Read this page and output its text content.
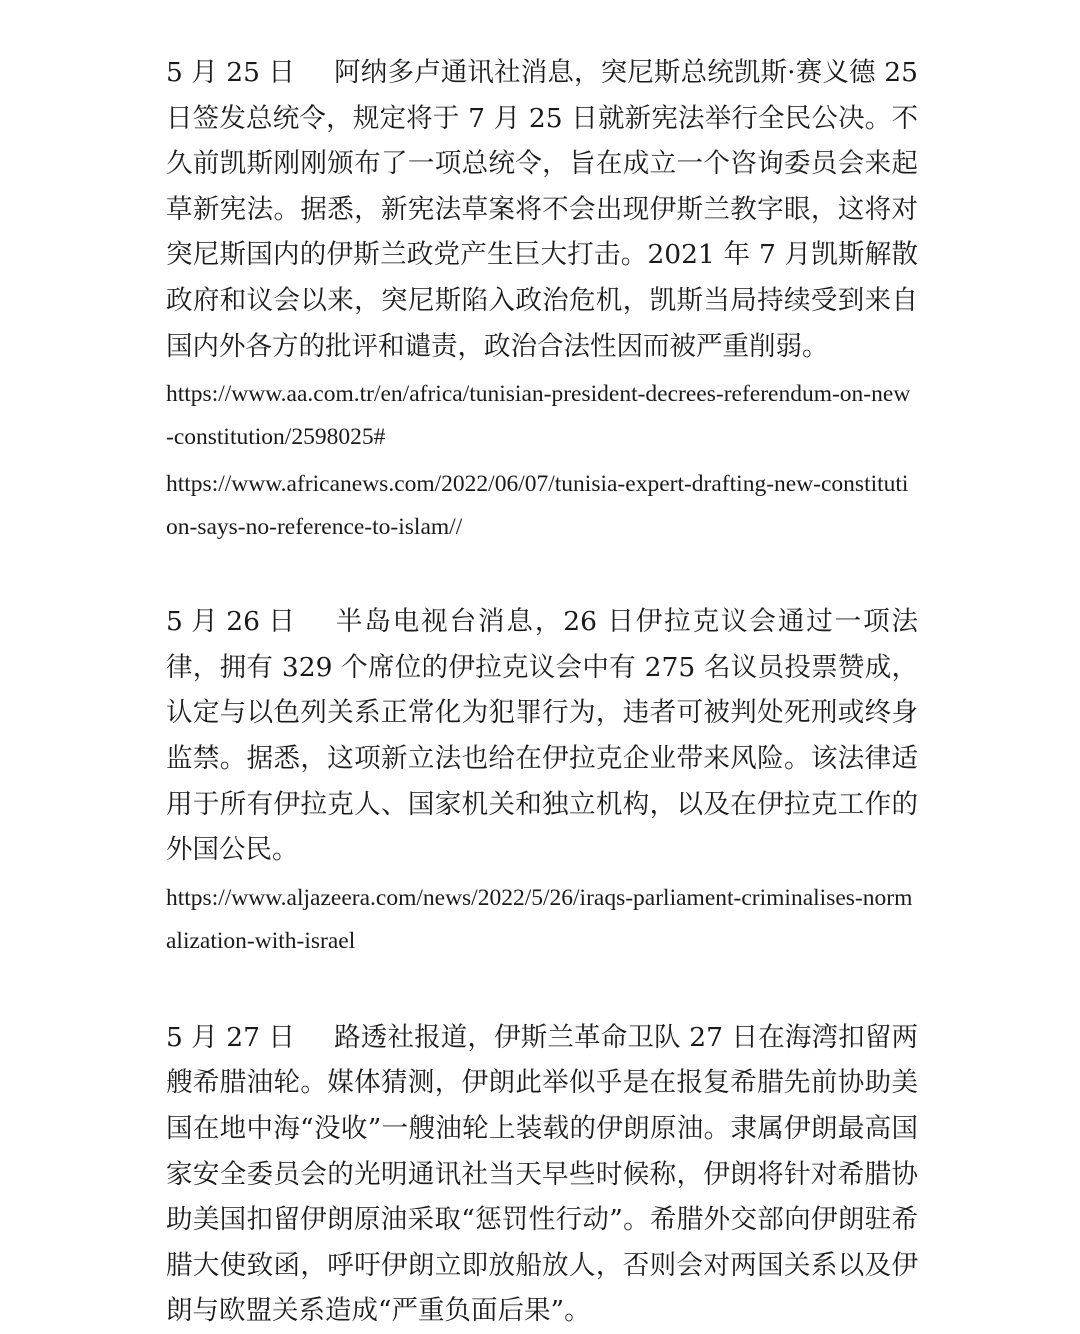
5 月 25 日 阿纳多卢通讯社消息，突尼斯总统凯斯·赛义德 25 日签发总统令，规定将于 7 月 25 日就新宪法举行全民公决。不久前凯斯刚刚颁布了一项总统令，旨在成立一个咨询委员会来起草新宪法。据悉，新宪法草案将不会出现伊斯兰教字眼，这将对突尼斯国内的伊斯兰政党产生巨大打击。2021 年 7 月凯斯解散政府和议会以来，突尼斯陷入政治危机，凯斯当局持续受到来自国内外各方的批评和谴责，政治合法性因而被严重削弱。

https://www.aa.com.tr/en/africa/tunisian-president-decrees-referendum-on-new-constitution/2598025#

https://www.africanews.com/2022/06/07/tunisia-expert-drafting-new-constitution-says-no-reference-to-islam//

5 月 26 日 半岛电视台消息，26 日伊拉克议会通过一项法律，拥有 329 个席位的伊拉克议会中有 275 名议员投票赞成，认定与以色列关系正常化为犯罪行为，违者可被判处死刑或终身监禁。据悉，这项新立法也给在伊拉克企业带来风险。该法律适用于所有伊拉克人、国家机关和独立机构，以及在伊拉克工作的外国公民。

https://www.aljazeera.com/news/2022/5/26/iraqs-parliament-criminalises-normalization-with-israel

5 月 27 日 路透社报道，伊斯兰革命卫队 27 日在海湾扣留两艘希腊油轮。媒体猜测，伊朗此举似乎是在报复希腊先前协助美国在地中海“没收”一艘油轮上装载的伊朗原油。隶属伊朗最高国家安全委员会的光明通讯社当天早些时候称，伊朗将针对希腊协助美国扣留伊朗原油采取“惩罚性行动”。希腊外交部向伊朗驻希腊大使致函，呼吁伊朗立即放船放人，否则会对两国关系以及伊朗与欧盟关系造成“严重负面后果”。
